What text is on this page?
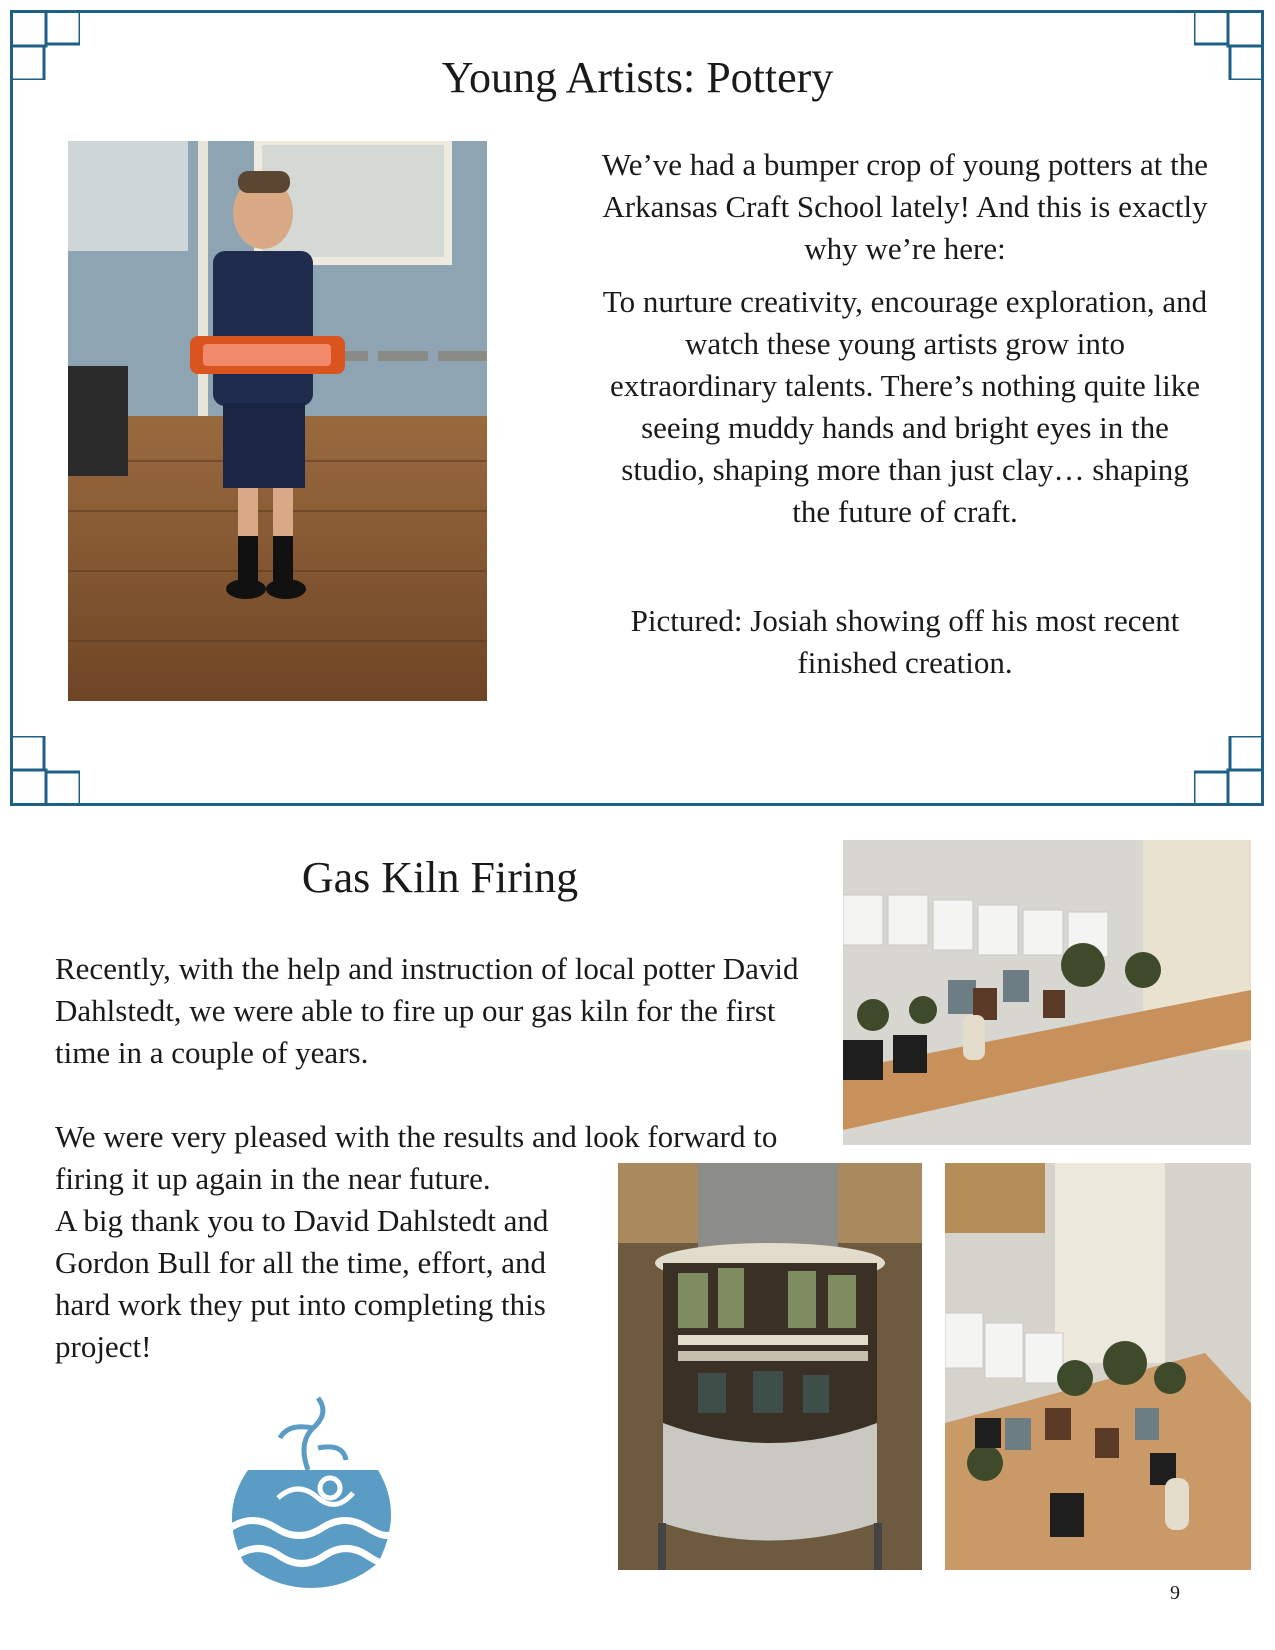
Young Artists: Pottery
We’ve had a bumper crop of young potters at the Arkansas Craft School lately! And this is exactly why we’re here:
To nurture creativity, encourage exploration, and watch these young artists grow into extraordinary talents. There’s nothing quite like seeing muddy hands and bright eyes in the studio, shaping more than just clay… shaping the future of craft.
Pictured: Josiah showing off his most recent finished creation.
Gas Kiln Firing

Recently, with the help and instruction of local potter David Dahlstedt, we were able to fire up our gas kiln for the first time in a couple of years.

We were very pleased with the results and look forward to firing it up again in the near future.

A big thank you to David Dahlstedt and Gordon Bull for all the time, effort, and hard work they put into completing this project!

9
